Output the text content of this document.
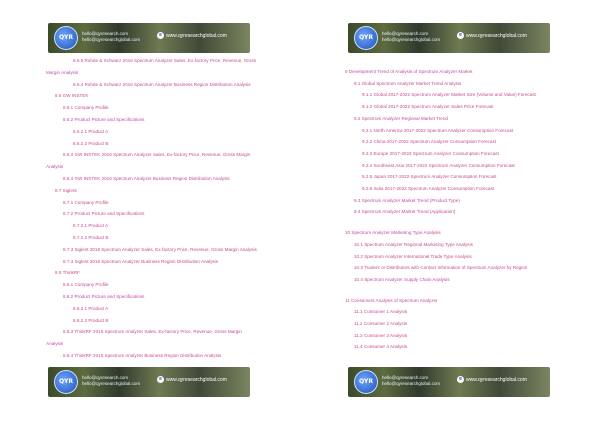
QYR
hello@qyresearch.com
hello@qyresearchglobal.com
e www.qyresearchglobal.com	QYR
hello@qyresearch.com
hello@qyresearchglobal.com
e www.qyresearchglobal.com
QYR
hello@qyresearch.com
hello@qyresearchglobal.com
e www.qyresearchglobal.com	QYR
hello@qyresearch.com
hello@qyresearchglobal.com
e www.qyresearchglobal.com
8.5.5 Rohde & Schwarz 2016 Spectrum Analyzer Sales, Ex-factory Price, Revenue, Gross
Margin Analysis
8.5.4 Rohde & Schwarz 2016 Spectrum Analyzer Business Region Distribution Analysis
8.6 GW INSTEK
8.6.1 Company Profile
8.6.2 Product Picture and Specifications
8.6.2.1 Product A
8.6.2.2 Product B
8.6.3 GW INSTEK 2016 Spectrum Analyzer Sales, Ex-factory Price, Revenue, Gross Margin
Analysis
8.6.4 GW INSTEK 2016 Spectrum Analyzer Business Region Distribution Analysis
8.7 Siglent
8.7.1 Company Profile
8.7.2 Product Picture and Specifications
8.7.2.1 Product A
8.7.2.2 Product B
8.7.3 Siglent 2016 Spectrum Analyzer Sales, Ex-factory Price, Revenue, Gross Margin Analysis
8.7.4 Siglent 2016 Spectrum Analyzer Business Region Distribution Analysis
8.8 ThinkRF
8.8.1 Company Profile
8.8.2 Product Picture and Specifications
8.8.2.1 Product A
8.8.2.2 Product B
8.8.3 ThinkRF 2016 Spectrum Analyzer Sales, Ex-factory Price, Revenue, Gross Margin
Analysis
8.8.4 ThinkRF 2016 Spectrum Analyzer Business Region Distribution Analysis
9 Development Trend of Analysis of Spectrum Analyzer Market
9.1 Global Spectrum Analyzer Market Trend Analysis
9.1.1 Global 2017-2022 Spectrum Analyzer Market Size (Volume and Value) Forecast
9.1.2 Global 2017-2022 Spectrum Analyzer Sales Price Forecast
9.2 Spectrum Analyzer Regional Market Trend
9.2.1 North America 2017-2022 Spectrum Analyzer Consumption Forecast
9.2.2 China 2017-2022 Spectrum Analyzer Consumption Forecast
9.2.3 Europe 2017-2022 Spectrum Analyzer Consumption Forecast
9.2.4 Southeast Asia 2017-2022 Spectrum Analyzer Consumption Forecast
9.2.5 Japan 2017-2022 Spectrum Analyzer Consumption Forecast
9.2.6 India 2017-2022 Spectrum Analyzer Consumption Forecast
9.3 Spectrum Analyzer Market Trend (Product Type)
9.4 Spectrum Analyzer Market Trend (Application)
10 Spectrum Analyzer Marketing Type Analysis
10.1 Spectrum Analyzer Regional Marketing Type Analysis
10.2 Spectrum Analyzer International Trade Type Analysis
10.3 Traders or Distributors with Contact Information of Spectrum Analyzer by Region
10.4 Spectrum Analyzer Supply Chain Analysis
11 Consumers Analysis of Spectrum Analyzer
11.1 Consumer 1 Analysis
11.2 Consumer 2 Analysis
11.3 Consumer 3 Analysis
11.4 Consumer 4 Analysis
